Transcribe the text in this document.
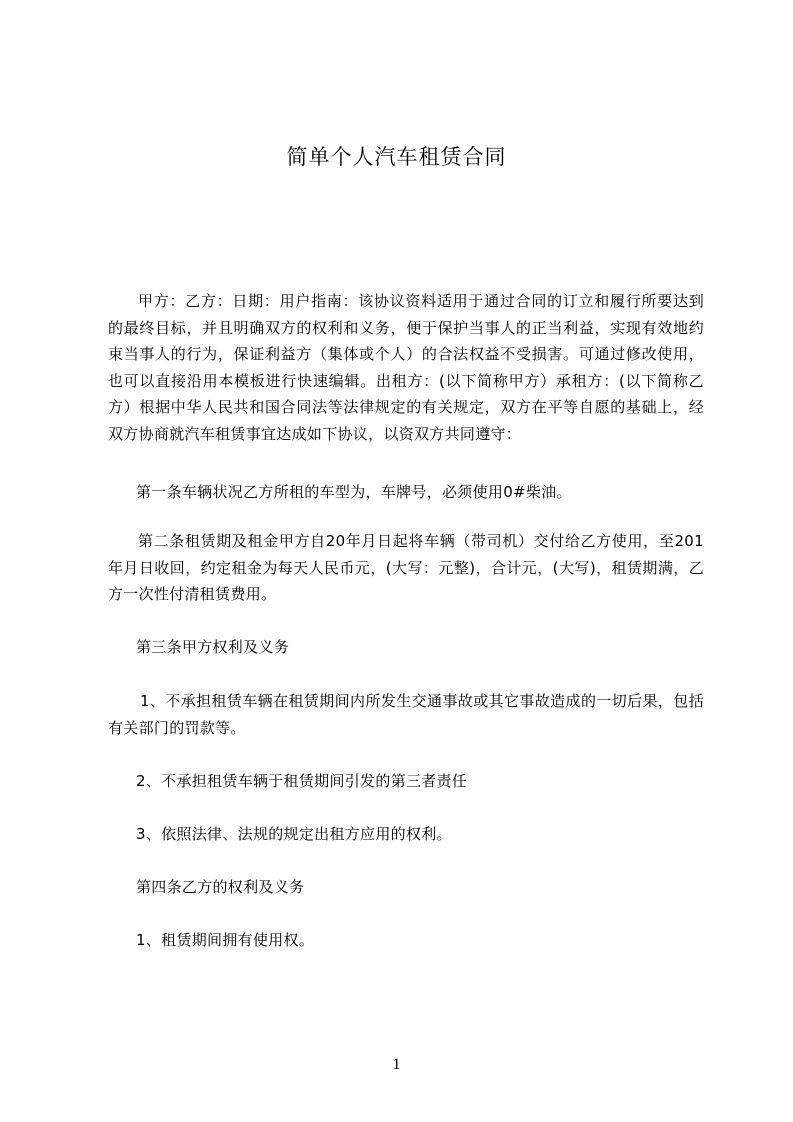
简单个人汽车租赁合同

甲方：乙方：日期：用户指南：该协议资料适用于通过合同的订立和履行所要达到的最终目标，并且明确双方的权利和义务，便于保护当事人的正当利益，实现有效地约束当事人的行为，保证利益方（集体或个人）的合法权益不受损害。可通过修改使用，也可以直接沿用本模板进行快速编辑。出租方：(以下简称甲方）承租方：(以下简称乙方）根据中华人民共和国合同法等法律规定的有关规定，双方在平等自愿的基础上，经双方协商就汽车租赁事宜达成如下协议，以资双方共同遵守：

第一条车辆状况乙方所租的车型为，车牌号，必须使用0#柴油。

第二条租赁期及租金甲方自20年月日起将车辆（带司机）交付给乙方使用，至201年月日收回，约定租金为每天人民币元，(大写：元整)，合计元，(大写)，租赁期满，乙方一次性付清租赁费用。

第三条甲方权利及义务

1、不承担租赁车辆在租赁期间内所发生交通事故或其它事故造成的一切后果，包括有关部门的罚款等。

2、不承担租赁车辆于租赁期间引发的第三者责任

3、依照法律、法规的规定出租方应用的权利。

第四条乙方的权利及义务

1、租赁期间拥有使用权。

1
